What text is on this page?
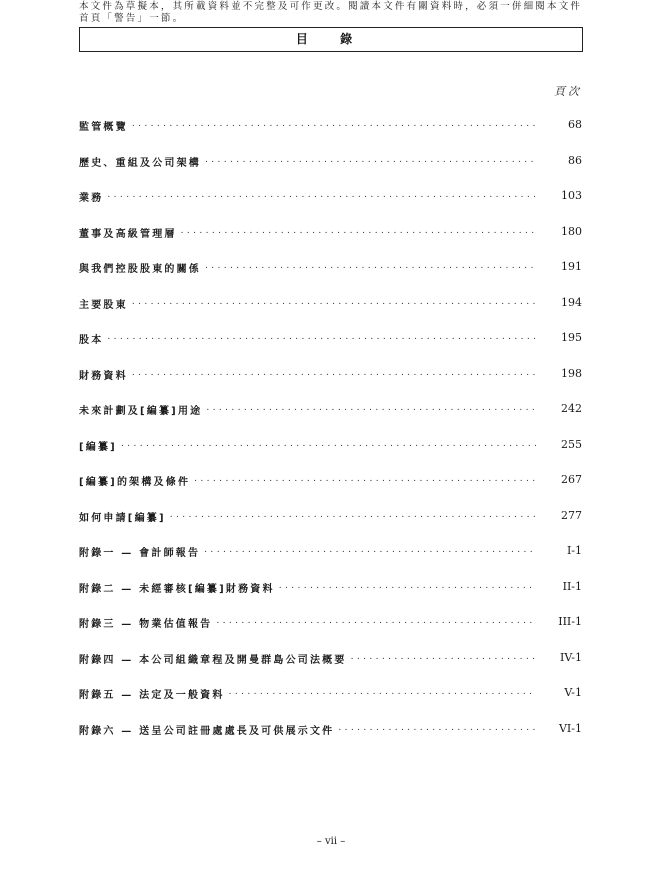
本文件為草擬本，其所載資料並不完整及可作更改。閱讀本文件有關資料時，必須一併細閱本文件首頁「警告」一節。
目 錄
頁次
監管概覽 .....	68
歷史、重組及公司架構 .....	86
業務 .....	103
董事及高級管理層 .....	180
與我們控股股東的關係 .....	191
主要股東 .....	194
股本 .....	195
財務資料 .....	198
未來計劃及[編纂]用途 .....	242
[編纂] .....	255
[編纂]的架構及條件 .....	267
如何申請[編纂] .....	277
附錄一 — 會計師報告 .....	I-1
附錄二 — 未經審核[編纂]財務資料 .....	II-1
附錄三 — 物業估值報告 .....	III-1
附錄四 — 本公司組織章程及開曼群島公司法概要 .....	IV-1
附錄五 — 法定及一般資料 .....	V-1
附錄六 — 送呈公司註冊處處長及可供展示文件 .....	VI-1
– vii –
